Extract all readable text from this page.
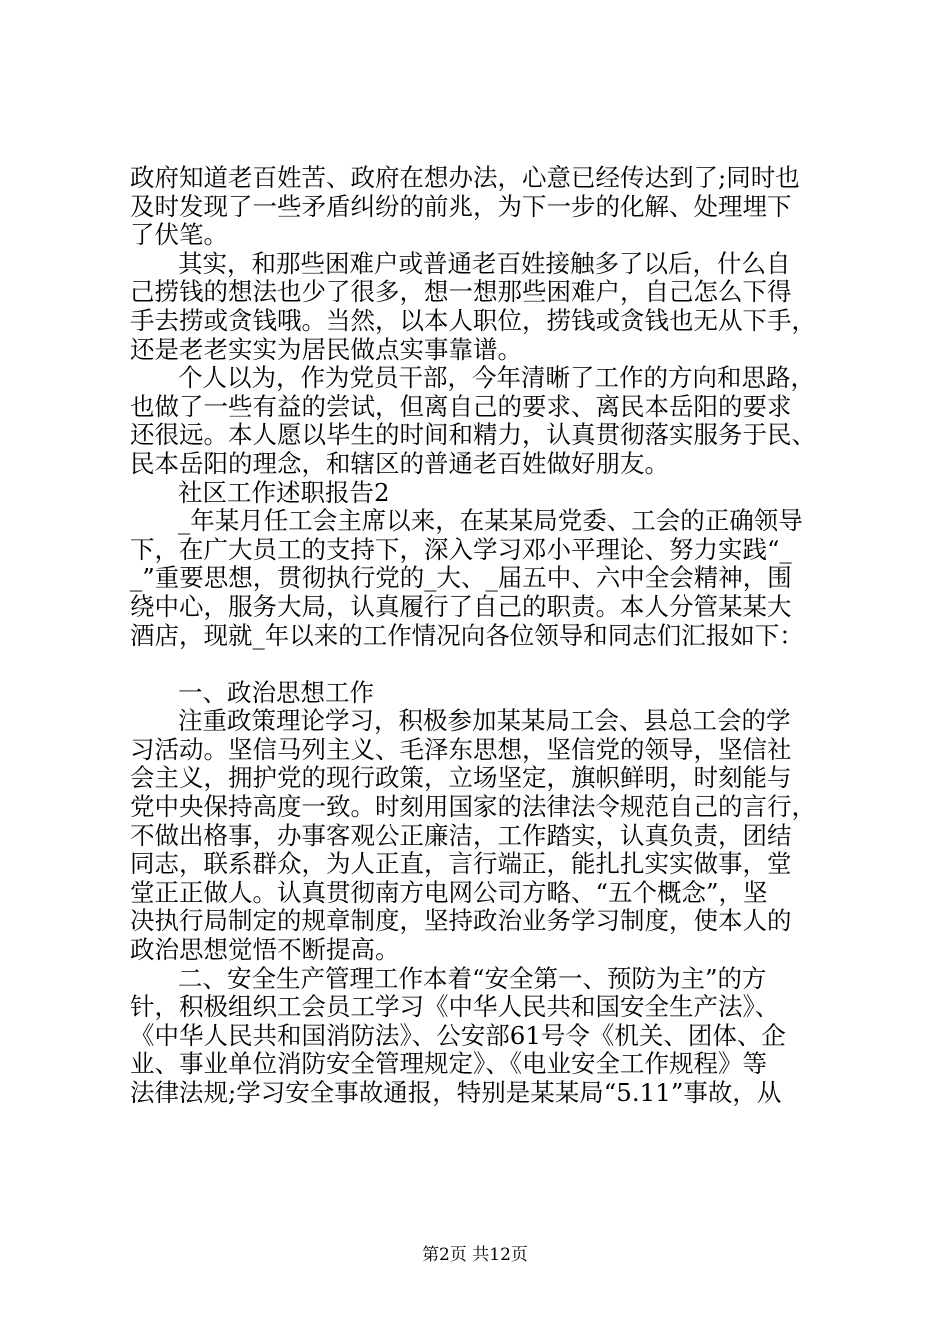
政府知道老百姓苦、政府在想办法，心意已经传达到了;同时也

及时发现了一些矛盾纠纷的前兆，为下一步的化解、处理埋下

了伏笔。

其实，和那些困难户或普通老百姓接触多了以后，什么自

己捞钱的想法也少了很多，想一想那些困难户，自己怎么下得

手去捞或贪钱哦。当然，以本人职位，捞钱或贪钱也无从下手，

还是老老实实为居民做点实事靠谱。

个人以为，作为党员干部，今年清晰了工作的方向和思路，

也做了一些有益的尝试，但离自己的要求、离民本岳阳的要求

还很远。本人愿以毕生的时间和精力，认真贯彻落实服务于民、

民本岳阳的理念，和辖区的普通老百姓做好朋友。

社区工作述职报告2

_年某月任工会主席以来，在某某局党委、工会的正确领导

下，在广大员工的支持下，深入学习邓小平理论、努力实践“_

_”重要思想，贯彻执行党的_大、_届五中、六中全会精神，围

绕中心，服务大局，认真履行了自己的职责。本人分管某某大

酒店，现就_年以来的工作情况向各位领导和同志们汇报如下：

一、政治思想工作

注重政策理论学习，积极参加某某局工会、县总工会的学

习活动。坚信马列主义、毛泽东思想，坚信党的领导，坚信社

会主义，拥护党的现行政策，立场坚定，旗帜鲜明，时刻能与

党中央保持高度一致。时刻用国家的法律法令规范自己的言行，

不做出格事，办事客观公正廉洁，工作踏实，认真负责，团结

同志，联系群众，为人正直，言行端正，能扎扎实实做事，堂

堂正正做人。认真贯彻南方电网公司方略、“五个概念”，坚

决执行局制定的规章制度，坚持政治业务学习制度，使本人的

政治思想觉悟不断提高。

二、安全生产管理工作本着“安全第一、预防为主”的方

针，积极组织工会员工学习《中华人民共和国安全生产法》、

《中华人民共和国消防法》、公安部61号令《机关、团体、企

业、事业单位消防安全管理规定》、《电业安全工作规程》等

法律法规;学习安全事故通报，特别是某某局“5.11”事故，从

第2页 共12页
